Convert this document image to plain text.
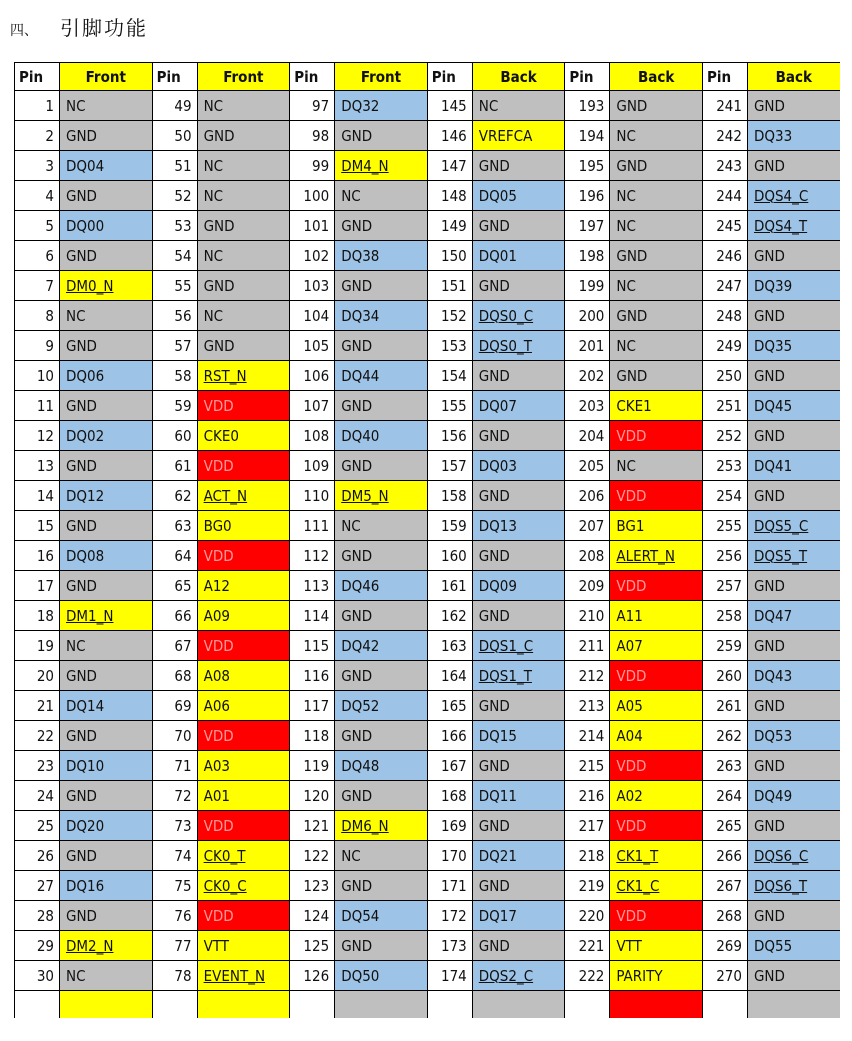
四、 引脚功能
Pin	Front	Pin	Front	Pin	Front	Pin	Back	Pin	Back	Pin	Back
1	NC	49	NC	97	DQ32	145	NC	193	GND	241	GND
2	GND	50	GND	98	GND	146	VREFCA	194	NC	242	DQ33
3	DQ04	51	NC	99	DM4_N	147	GND	195	GND	243	GND
4	GND	52	NC	100	NC	148	DQ05	196	NC	244	DQS4_C
5	DQ00	53	GND	101	GND	149	GND	197	NC	245	DQS4_T
6	GND	54	NC	102	DQ38	150	DQ01	198	GND	246	GND
7	DM0_N	55	GND	103	GND	151	GND	199	NC	247	DQ39
8	NC	56	NC	104	DQ34	152	DQS0_C	200	GND	248	GND
9	GND	57	GND	105	GND	153	DQS0_T	201	NC	249	DQ35
10	DQ06	58	RST_N	106	DQ44	154	GND	202	GND	250	GND
11	GND	59	VDD	107	GND	155	DQ07	203	CKE1	251	DQ45
12	DQ02	60	CKE0	108	DQ40	156	GND	204	VDD	252	GND
13	GND	61	VDD	109	GND	157	DQ03	205	NC	253	DQ41
14	DQ12	62	ACT_N	110	DM5_N	158	GND	206	VDD	254	GND
15	GND	63	BG0	111	NC	159	DQ13	207	BG1	255	DQS5_C
16	DQ08	64	VDD	112	GND	160	GND	208	ALERT_N	256	DQS5_T
17	GND	65	A12	113	DQ46	161	DQ09	209	VDD	257	GND
18	DM1_N	66	A09	114	GND	162	GND	210	A11	258	DQ47
19	NC	67	VDD	115	DQ42	163	DQS1_C	211	A07	259	GND
20	GND	68	A08	116	GND	164	DQS1_T	212	VDD	260	DQ43
21	DQ14	69	A06	117	DQ52	165	GND	213	A05	261	GND
22	GND	70	VDD	118	GND	166	DQ15	214	A04	262	DQ53
23	DQ10	71	A03	119	DQ48	167	GND	215	VDD	263	GND
24	GND	72	A01	120	GND	168	DQ11	216	A02	264	DQ49
25	DQ20	73	VDD	121	DM6_N	169	GND	217	VDD	265	GND
26	GND	74	CK0_T	122	NC	170	DQ21	218	CK1_T	266	DQS6_C
27	DQ16	75	CK0_C	123	GND	171	GND	219	CK1_C	267	DQS6_T
28	GND	76	VDD	124	DQ54	172	DQ17	220	VDD	268	GND
29	DM2_N	77	VTT	125	GND	173	GND	221	VTT	269	DQ55
30	NC	78	EVENT_N	126	DQ50	174	DQS2_C	222	PARITY	270	GND
